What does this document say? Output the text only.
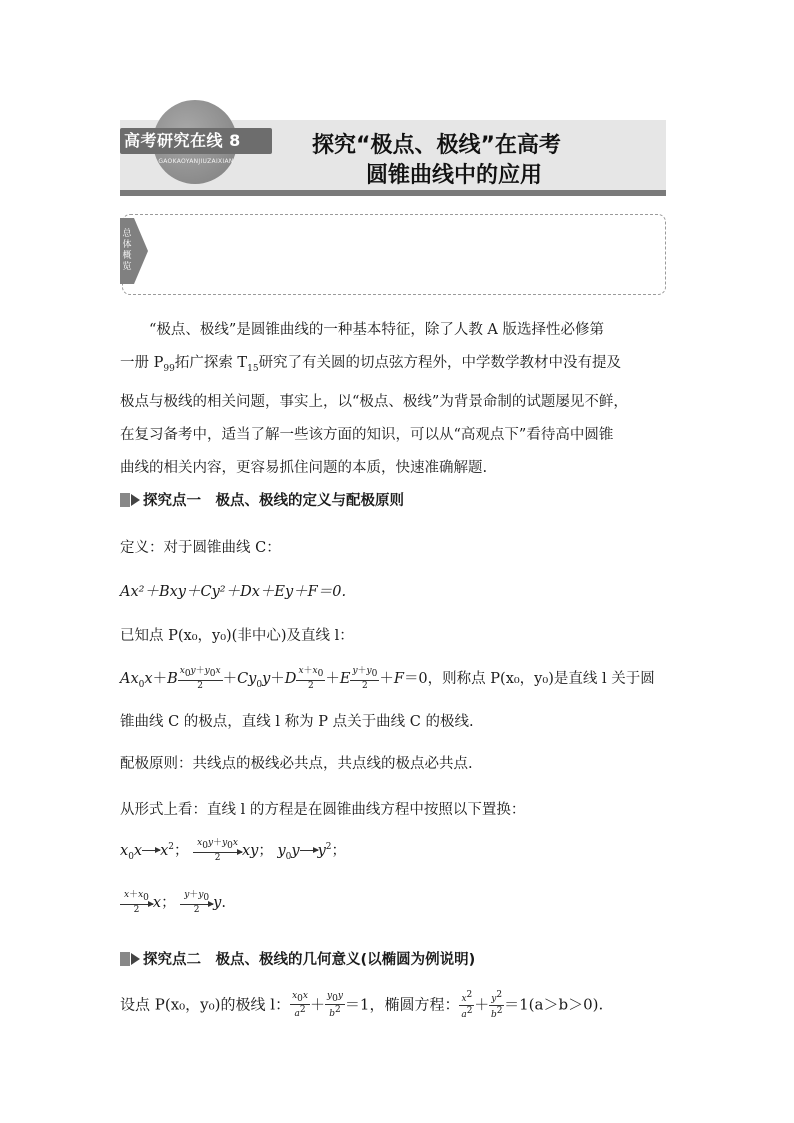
高考研究在线 8
GAOKAOYANJIUZAIXIAN
探究“极点、极线”在高考
圆锥曲线中的应用
总体概览

“极点、极线”是圆锥曲线的一种基本特征，除了人教 A 版选择性必修第

一册 $P_{99}$拓广探索 $T_{15}$研究了有关圆的切点弦方程外，中学数学教材中没有提及

极点与极线的相关问题，事实上，以“极点、极线”为背景命制的试题屡见不鲜，

在复习备考中，适当了解一些该方面的知识，可以从“高观点下”看待高中圆锥

曲线的相关内容，更容易抓住问题的本质，快速准确解题.

探究点一　极点、极线的定义与配极原则
定义：对于圆锥曲线 C：
Ax²＋Bxy＋Cy²＋Dx＋Ey＋F＝0.
已知点 P(x₀，y₀)(非中心)及直线 l：
$Ax_0x+B \frac{x_0y+y_0x}{2} +Cy_0y+D \frac{x+x_0}{2} +E \frac{y+y_0}{2} +F=0$，则称点 P(x₀，y₀)是直线 l 关于圆
锥曲线 C 的极点，直线 l 称为 P 点关于曲线 C 的极线.
配极原则：共线点的极线必共点，共点线的极点必共点.
从形式上看：直线 l 的方程是在圆锥曲线方程中按照以下置换：
$x_0x$

$x^2$； $\frac{x_0y+y_0x}{2}$ xy； $y_0y$

$y^2$；
$\frac{x+x_0}{2}$ x； $\frac{y+y_0}{2} y$.
探究点二　极点、极线的几何意义(以椭圆为例说明)
设点 P(x₀，y₀)的极线 l： $\frac{x_0x}{a^2} + \frac{y_0y}{b^2} =1$，椭圆方程： $\frac{x^2}{a^2} + \frac{y^2}{b^2} =1(a>b>0)$.
